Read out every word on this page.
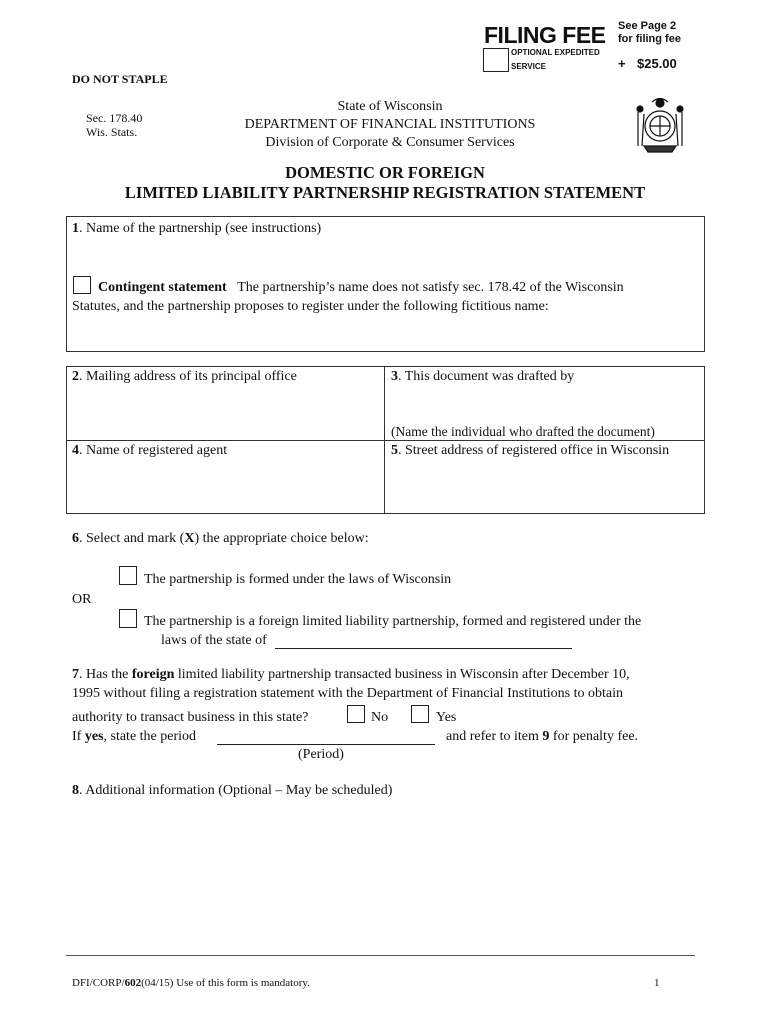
FILING FEE See Page 2
for filing fee
OPTIONAL EXPEDITED
SERVICE	+ $25.00
DO NOT STAPLE
Sec. 178.40
Wis. Stats.
State of Wisconsin
DEPARTMENT OF FINANCIAL INSTITUTIONS
Division of Corporate & Consumer Services
DOMESTIC OR FOREIGN
LIMITED LIABILITY PARTNERSHIP REGISTRATION STATEMENT
1. Name of the partnership (see instructions)
Contingent statement The partnership’s name does not satisfy sec. 178.42 of the Wisconsin
Statutes, and the partnership proposes to register under the following fictitious name:
2. Mailing address of its principal office	3. This document was drafted by
(Name the individual who drafted the document)
4. Name of registered agent	5. Street address of registered office in Wisconsin
6. Select and mark (X) the appropriate choice below:
The partnership is formed under the laws of Wisconsin
OR
The partnership is a foreign limited liability partnership, formed and registered under the
laws of the state of
7. Has the foreign limited liability partnership transacted business in Wisconsin after December 10,
1995 without filing a registration statement with the Department of Financial Institutions to obtain
authority to transact business in this state?	No	Yes
If yes, state the period	and refer to item 9 for penalty fee.
(Period)
8. Additional information (Optional – May be scheduled)
DFI/CORP/602(04/15) Use of this form is mandatory.	1
